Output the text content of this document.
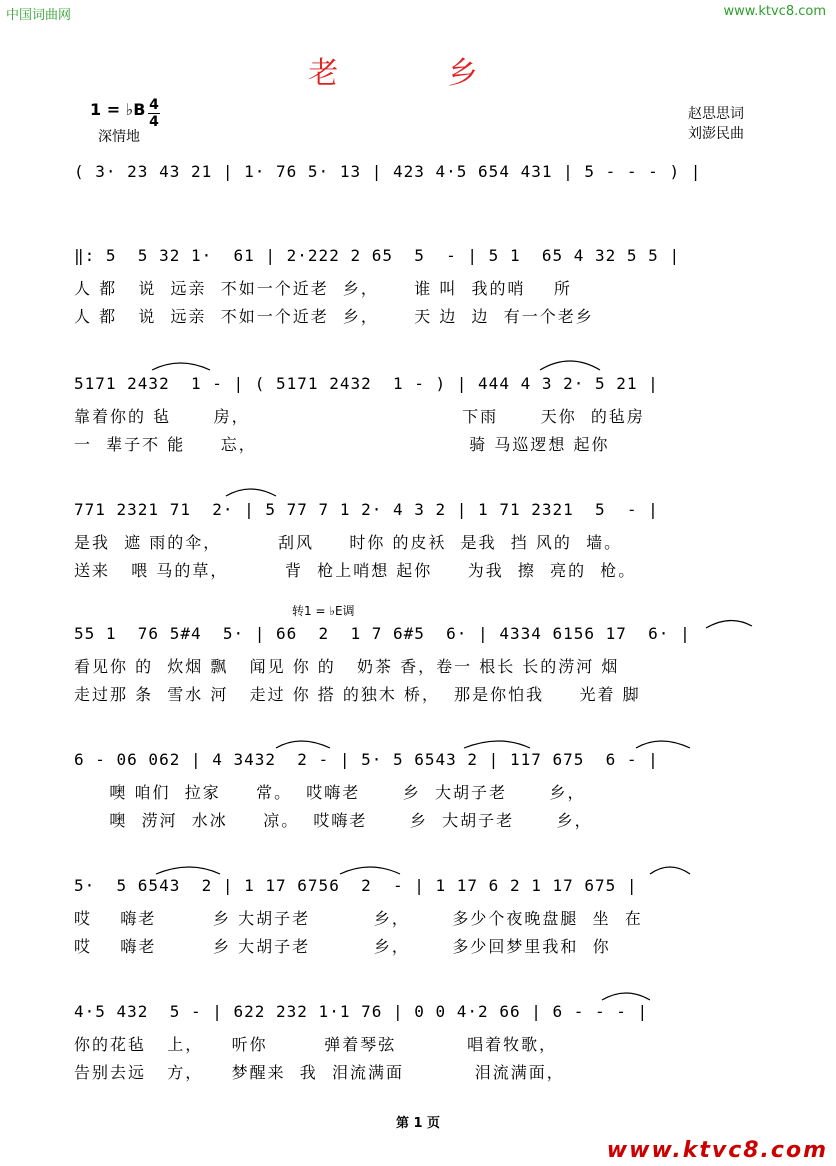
中国词曲网	www.ktvc8.com
老 乡
1 = ♭B 4
4
深情地
赵思思词
刘澎民曲
( 3· 23 43 21 | 1· 76 5· 13 | 423 4·5 654 431 | 5 - - - ) |
‖: 5  5 32 1·  61 | 2·222 2 65  5  - | 5 1  65 4 32 5 5 |
人 都   说  远亲  不如一个近老  乡，     谁 叫  我的哨    所
人 都   说  远亲  不如一个近老  乡，     天 边  边  有一个老乡
5171 2432  1 - | ( 5171 2432  1 - ) | 444 4 3 2· 5 21 |
靠着你的 毡      房，                              下雨      天你  的毡房
一  辈子不 能     忘，                              骑 马巡逻想 起你
771 2321 71  2· | 5 77 7 1 2· 4 3 2 | 1 71 2321  5  - |
是我  遮 雨的伞，        刮风     时你 的皮袄  是我  挡 风的  墙。
送来   喂 马的草，        背  枪上哨想 起你     为我  擦  亮的  枪。
转1 = ♭E调
55 1  76 5#4  5· | 66  2  1 7 6#5  6· | 4334 6156 17  6· |
看见你 的  炊烟 飘   闻见 你 的   奶茶 香，卷一 根长 长的涝河 烟
走过那 条  雪水 河   走过 你 搭 的独木 桥，  那是你怕我     光着 脚
6 - 06 062 | 4 3432  2 - | 5· 5 6543 2 | 117 675  6 - |
噢 咱们  拉家     常。  哎嗨老      乡  大胡子老      乡，
噢  涝河  水冰     凉。  哎嗨老      乡  大胡子老      乡，
5·  5 6543  2 | 1 17 6756  2  - | 1 17 6 2 1 17 675 |
哎    嗨老        乡 大胡子老         乡，      多少个夜晚盘腿  坐  在
哎    嗨老        乡 大胡子老         乡，      多少回梦里我和  你
4·5 432  5 - | 622 232 1·1 76 | 0 0 4·2 66 | 6 - - - |
你的花毡   上，    听你        弹着琴弦          唱着牧歌，
告别去远   方，    梦醒来  我  泪流满面          泪流满面，
第 1 页
www.ktvc8.com
